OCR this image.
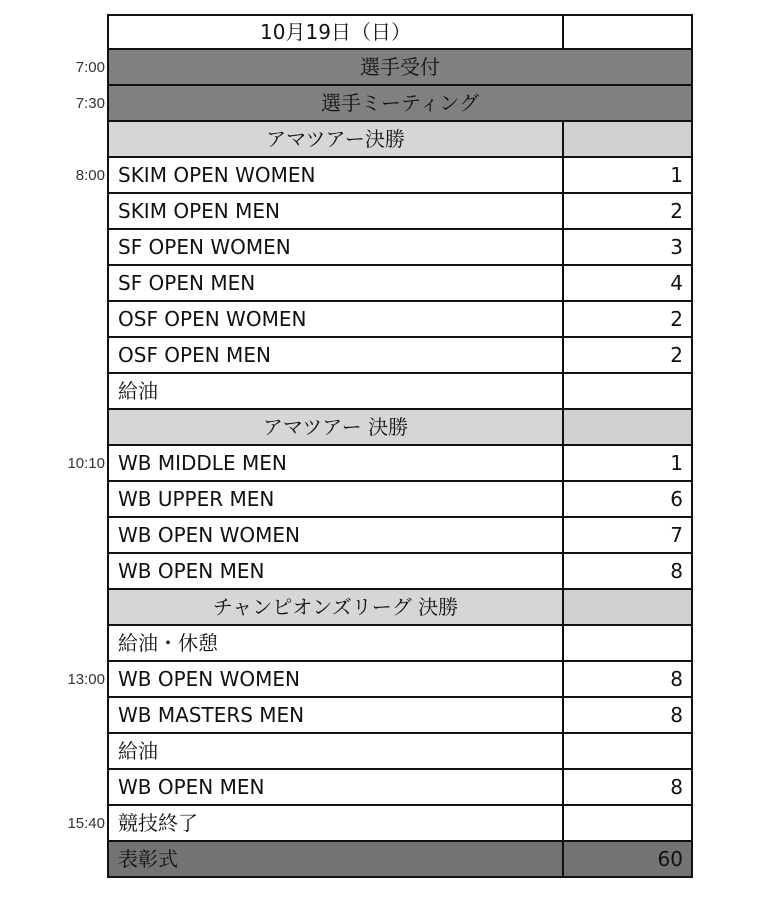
10月19日（日）
7:00	選手受付
7:30	選手ミーティング
アマツアー決勝
8:00 SKIM OPEN WOMEN	1
SKIM OPEN MEN	2
SF OPEN WOMEN	3
SF OPEN MEN	4
OSF OPEN WOMEN	2
OSF OPEN MEN	2
給油
アマツアー 決勝
10:10 WB MIDDLE MEN	1
WB UPPER MEN	6
WB OPEN WOMEN	7
WB OPEN MEN	8
チャンピオンズリーグ 決勝
給油・休憩
13:00 WB OPEN WOMEN	8
WB MASTERS MEN	8
給油
WB OPEN MEN	8
15:40 競技終了
表彰式	60
